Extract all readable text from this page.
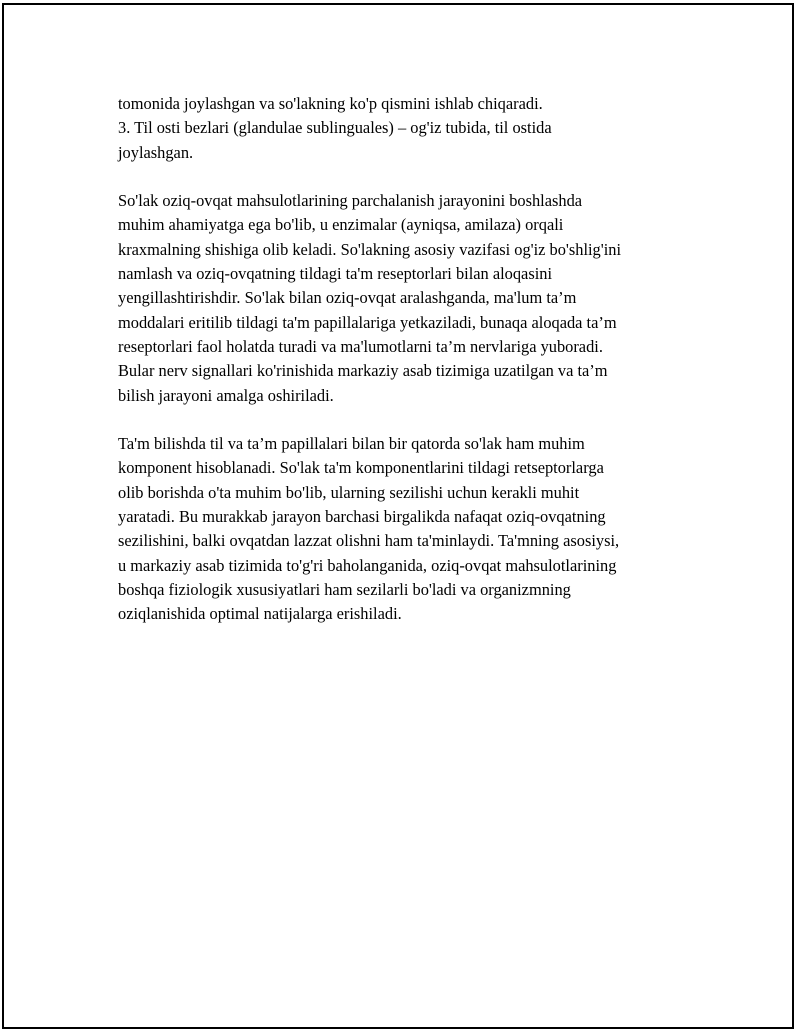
tomonida joylashgan va so'lakning ko'p qismini ishlab chiqaradi.
3. Til osti bezlari (glandulae sublinguales) – og'iz tubida, til ostida
joylashgan.
So'lak oziq-ovqat mahsulotlarining parchalanish jarayonini boshlashda
muhim ahamiyatga ega bo'lib, u enzimalar (ayniqsa, amilaza) orqali
kraxmalning shishiga olib keladi. So'lakning asosiy vazifasi og'iz bo'shlig'ini
namlash va oziq-ovqatning tildagi ta'm reseptorlari bilan aloqasini
yengillashtirishdir. So'lak bilan oziq-ovqat aralashganda, ma'lum ta’m
moddalari eritilib tildagi ta'm papillalariga yetkaziladi, bunaqa aloqada ta’m
reseptorlari faol holatda turadi va ma'lumotlarni ta’m nervlariga yuboradi.
Bular nerv signallari ko'rinishida markaziy asab tizimiga uzatilgan va ta’m
bilish jarayoni amalga oshiriladi.
Ta'm bilishda til va ta’m papillalari bilan bir qatorda so'lak ham muhim
komponent hisoblanadi. So'lak ta'm komponentlarini tildagi retseptorlarga
olib borishda o'ta muhim bo'lib, ularning sezilishi uchun kerakli muhit
yaratadi. Bu murakkab jarayon barchasi birgalikda nafaqat oziq-ovqatning
sezilishini, balki ovqatdan lazzat olishni ham ta'minlaydi. Ta'mning asosiysi,
u markaziy asab tizimida to'g'ri baholanganida, oziq-ovqat mahsulotlarining
boshqa fiziologik xususiyatlari ham sezilarli bo'ladi va organizmning
oziqlanishida optimal natijalarga erishiladi.
